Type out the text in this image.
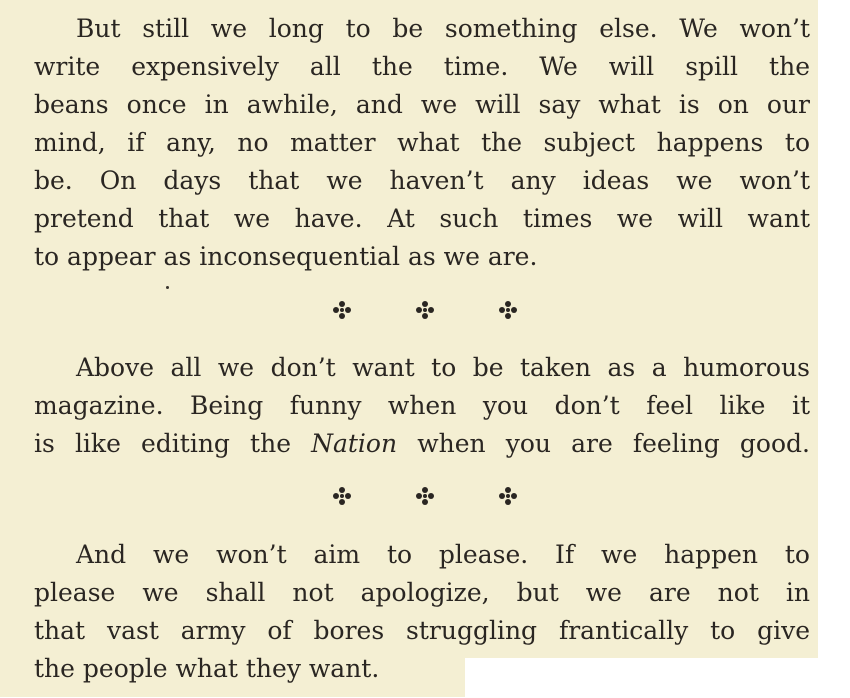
But still we long to be something else. We won’t
write expensively all the time. We will spill the
beans once in awhile, and we will say what is on our
mind, if any, no matter what the subject happens to
be. On days that we haven’t any ideas we won’t
pretend that we have. At such times we will want
to appear as inconsequential as we are.
Above all we don’t want to be taken as a humorous
magazine. Being funny when you don’t feel like it
is like editing the Nation when you are feeling good.
And we won’t aim to please. If we happen to
please we shall not apologize, but we are not in
that vast army of bores struggling frantically to give
the people what they want.
